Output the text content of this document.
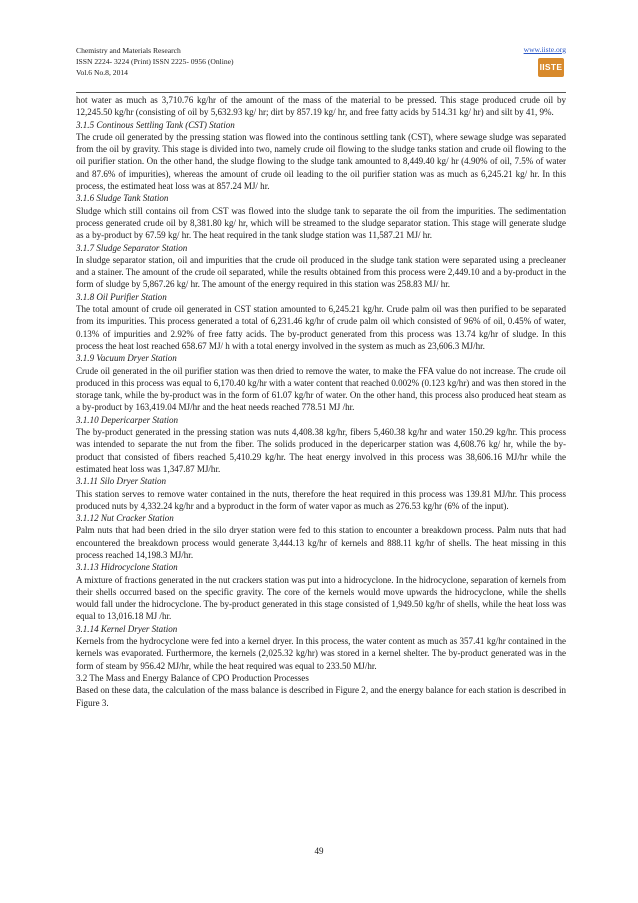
Chemistry and Materials Research
ISSN 2224- 3224 (Print) ISSN 2225- 0956 (Online)
Vol.6 No.8, 2014
www.iiste.org
IISTE

hot water as much as 3,710.76 kg/hr of the amount of the mass of the material to be pressed. This stage produced crude oil by 12,245.50 kg/hr (consisting of oil by 5,632.93 kg/ hr; dirt by 857.19 kg/ hr, and free fatty acids by 514.31 kg/ hr) and silt by 41, 9%.

3.1.5 Continous Settling Tank (CST) Station

The crude oil generated by the pressing station was flowed into the continous settling tank (CST), where sewage sludge was separated from the oil by gravity. This stage is divided into two, namely crude oil flowing to the sludge tanks station and crude oil flowing to the oil purifier station. On the other hand, the sludge flowing to the sludge tank amounted to 8,449.40 kg/ hr (4.90% of oil, 7.5% of water and 87.6% of impurities), whereas the amount of crude oil leading to the oil purifier station was as much as 6,245.21 kg/ hr. In this process, the estimated heat loss was at 857.24 MJ/ hr.

3.1.6 Sludge Tank Station

Sludge which still contains oil from CST was flowed into the sludge tank to separate the oil from the impurities. The sedimentation process generated crude oil by 8,381.80 kg/ hr, which will be streamed to the sludge separator station. This stage will generate sludge as a by-product by 67.59 kg/ hr. The heat required in the tank sludge station was 11,587.21 MJ/ hr.

3.1.7 Sludge Separator Station

In sludge separator station, oil and impurities that the crude oil produced in the sludge tank station were separated using a precleaner and a stainer. The amount of the crude oil separated, while the results obtained from this process were 2,449.10 and a by-product in the form of sludge by 5,867.26 kg/ hr. The amount of the energy required in this station was 258.83 MJ/ hr.

3.1.8 Oil Purifier Station

The total amount of crude oil generated in CST station amounted to 6,245.21 kg/hr. Crude palm oil was then purified to be separated from its impurities. This process generated a total of 6,231.46 kg/hr of crude palm oil which consisted of 96% of oil, 0.45% of water, 0.13% of impurities and 2.92% of free fatty acids. The by-product generated from this process was 13.74 kg/hr of sludge. In this process the heat lost reached 658.67 MJ/ h with a total energy involved in the system as much as 23,606.3 MJ/hr.

3.1.9 Vacuum Dryer Station

Crude oil generated in the oil purifier station was then dried to remove the water, to make the FFA value do not increase. The crude oil produced in this process was equal to 6,170.40 kg/hr with a water content that reached 0.002% (0.123 kg/hr) and was then stored in the storage tank, while the by-product was in the form of 61.07 kg/hr of water. On the other hand, this process also produced heat steam as a by-product by 163,419.04 MJ/hr and the heat needs reached 778.51 MJ /hr.

3.1.10 Depericarper Station

The by-product generated in the pressing station was nuts 4,408.38 kg/hr, fibers 5,460.38 kg/hr and water 150.29 kg/hr. This process was intended to separate the nut from the fiber. The solids produced in the depericarper station was 4,608.76 kg/ hr, while the by-product that consisted of fibers reached 5,410.29 kg/hr. The heat energy involved in this process was 38,606.16 MJ/hr while the estimated heat loss was 1,347.87 MJ/hr.

3.1.11 Silo Dryer Station

This station serves to remove water contained in the nuts, therefore the heat required in this process was 139.81 MJ/hr. This process produced nuts by 4,332.24 kg/hr and a byproduct in the form of water vapor as much as 276.53 kg/hr (6% of the input).

3.1.12 Nut Cracker Station

Palm nuts that had been dried in the silo dryer station were fed to this station to encounter a breakdown process. Palm nuts that had encountered the breakdown process would generate 3,444.13 kg/hr of kernels and 888.11 kg/hr of shells. The heat missing in this process reached 14,198.3 MJ/hr.

3.1.13 Hidrocyclone Station

A mixture of fractions generated in the nut crackers station was put into a hidrocyclone. In the hidrocyclone, separation of kernels from their shells occurred based on the specific gravity. The core of the kernels would move upwards the hidrocyclone, while the shells would fall under the hidrocyclone. The by-product generated in this stage consisted of 1,949.50 kg/hr of shells, while the heat loss was equal to 13,016.18 MJ /hr.

3.1.14 Kernel Dryer Station

Kernels from the hydrocyclone were fed into a kernel dryer. In this process, the water content as much as 357.41 kg/hr contained in the kernels was evaporated. Furthermore, the kernels (2,025.32 kg/hr) was stored in a kernel shelter. The by-product generated was in the form of steam by 956.42 MJ/hr, while the heat required was equal to 233.50 MJ/hr.

3.2 The Mass and Energy Balance of CPO Production Processes

Based on these data, the calculation of the mass balance is described in Figure 2, and the energy balance for each station is described in Figure 3.

49
